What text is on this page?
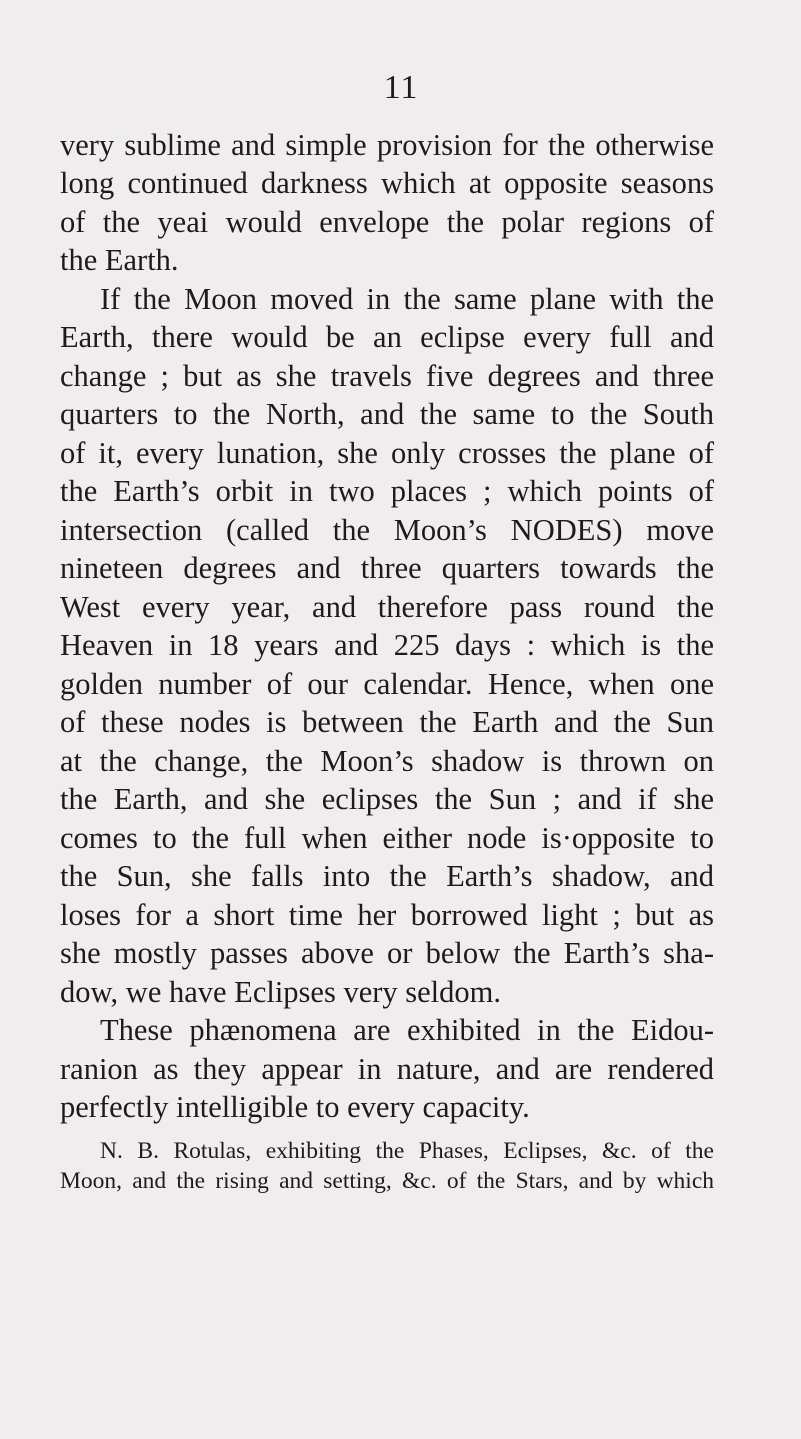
11
very sublime and simple provision for the otherwise
long continued darkness which at opposite seasons
of the yeai would envelope the polar regions of
the Earth.
If the Moon moved in the same plane with the
Earth, there would be an eclipse every full and
change ; but as she travels five degrees and three
quarters to the North, and the same to the South
of it, every lunation, she only crosses the plane of
the Earth’s orbit in two places ; which points of
intersection (called the Moon’s NODES) move
nineteen degrees and three quarters towards the
West every year, and therefore pass round the
Heaven in 18 years and 225 days : which is the
golden number of our calendar. Hence, when one
of these nodes is between the Earth and the Sun
at the change, the Moon’s shadow is thrown on
the Earth, and she eclipses the Sun ; and if she
comes to the full when either node is·opposite to
the Sun, she falls into the Earth’s shadow, and
loses for a short time her borrowed light ; but as
she mostly passes above or below the Earth’s sha-
dow, we have Eclipses very seldom.
These phænomena are exhibited in the Eidou-
ranion as they appear in nature, and are rendered
perfectly intelligible to every capacity.
N. B. Rotulas, exhibiting the Phases, Eclipses, &c. of the
Moon, and the rising and setting, &c. of the Stars, and by which
